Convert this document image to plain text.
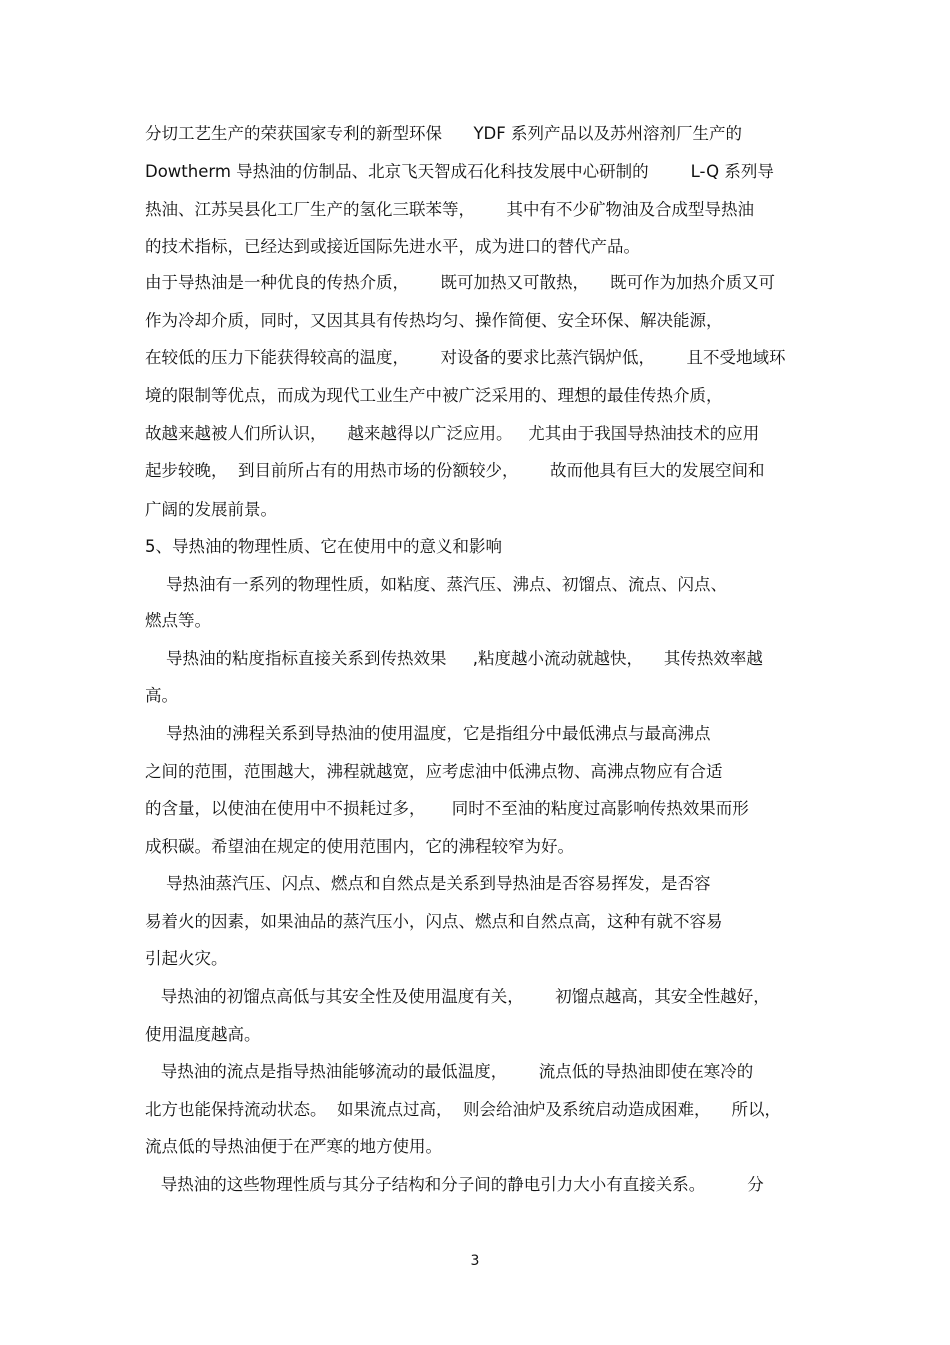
分切工艺生产的荣获国家专利的新型环保      YDF 系列产品以及苏州溶剂厂生产的
Dowtherm 导热油的仿制品、北京飞天智成石化科技发展中心研制的        L-Q 系列导
热油、江苏吴县化工厂生产的氢化三联苯等，      其中有不少矿物油及合成型导热油
的技术指标，已经达到或接近国际先进水平，成为进口的替代产品。
由于导热油是一种优良的传热介质，      既可加热又可散热，    既可作为加热介质又可
作为冷却介质，同时，又因其具有传热均匀、操作简便、安全环保、解决能源，
在较低的压力下能获得较高的温度，      对设备的要求比蒸汽锅炉低，      且不受地域环
境的限制等优点，而成为现代工业生产中被广泛采用的、理想的最佳传热介质，
故越来越被人们所认识，    越来越得以广泛应用。   尤其由于我国导热油技术的应用
起步较晚，  到目前所占有的用热市场的份额较少，      故而他具有巨大的发展空间和
广阔的发展前景。
5、导热油的物理性质、它在使用中的意义和影响
导热油有一系列的物理性质，如粘度、蒸汽压、沸点、初馏点、流点、闪点、
燃点等。
导热油的粘度指标直接关系到传热效果     ,粘度越小流动就越快，    其传热效率越
高。
导热油的沸程关系到导热油的使用温度，它是指组分中最低沸点与最高沸点
之间的范围，范围越大，沸程就越宽，应考虑油中低沸点物、高沸点物应有合适
的含量，以使油在使用中不损耗过多，     同时不至油的粘度过高影响传热效果而形
成积碳。希望油在规定的使用范围内，它的沸程较窄为好。
导热油蒸汽压、闪点、燃点和自然点是关系到导热油是否容易挥发，是否容
易着火的因素，如果油品的蒸汽压小，闪点、燃点和自然点高，这种有就不容易
引起火灾。
导热油的初馏点高低与其安全性及使用温度有关，      初馏点越高，其安全性越好，
使用温度越高。
导热油的流点是指导热油能够流动的最低温度，      流点低的导热油即使在寒冷的
北方也能保持流动状态。  如果流点过高，  则会给油炉及系统启动造成困难，    所以，
流点低的导热油便于在严寒的地方使用。
导热油的这些物理性质与其分子结构和分子间的静电引力大小有直接关系。        分
3
